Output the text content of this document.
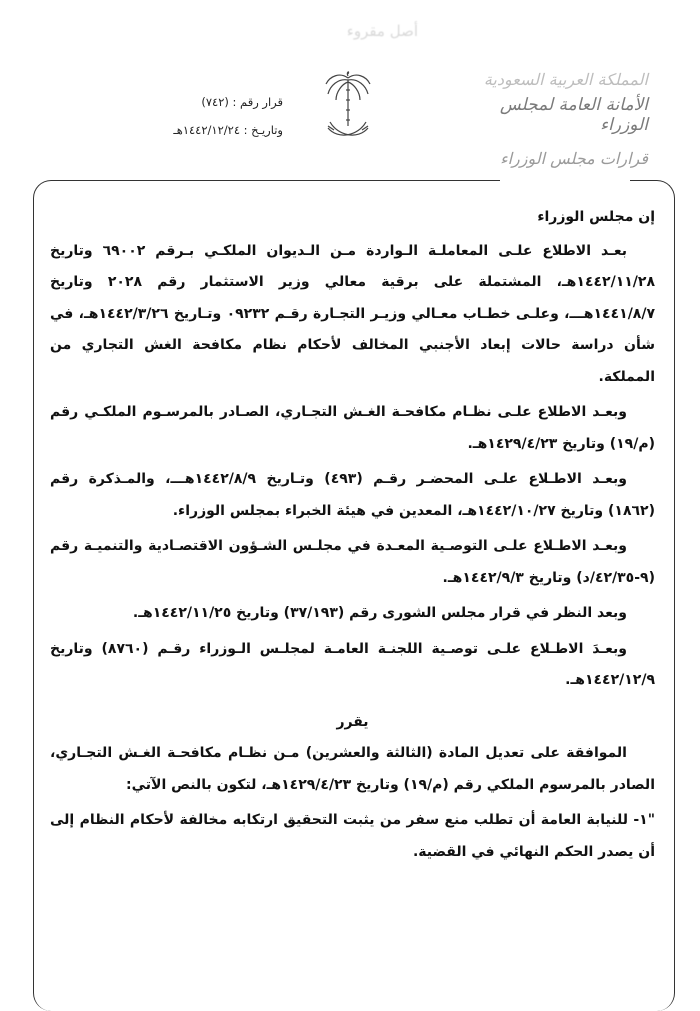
أصل مقروء
قرار رقم : (٧٤٢)
وتاريـخ : ١٤٤٢/١٢/٢٤هـ
المملكة العربية السعودية
الأمانة العامة لمجلس الوزراء
قرارات مجلس الوزراء

إن مجلس الوزراء

بعـد الاطلاع علـى المعاملـة الـواردة مـن الـديوان الملكـي بـرقم ٦٩٠٠٢ وتاريخ ١٤٤٢/١١/٢٨هـ، المشتملة على برقية معالي وزير الاستثمار رقم ٢٠٢٨ وتاريخ ١٤٤١/٨/٧هـــ، وعلـى خطـاب معـالي وزيـر التجـارة رقـم ٠٩٢٣٢ وتـاريخ ١٤٤٢/٣/٢٦هـ، في شأن دراسة حالات إبعاد الأجنبي المخالف لأحكام نظام مكافحة الغش التجاري من المملكة.

وبعـد الاطلاع علـى نظـام مكافحـة الغـش التجـاري، الصـادر بالمرسـوم الملكـي رقم (م/١٩) وتاريخ ١٤٢٩/٤/٢٣هـ.

وبعـد الاطـلاع علـى المحضـر رقـم (٤٩٣) وتـاريخ ١٤٤٢/٨/٩هـــ، والمـذكرة رقم (١٨٦٢) وتاريخ ١٤٤٢/١٠/٢٧هـ، المعدين في هيئة الخبراء بمجلس الوزراء.

وبعـد الاطـلاع علـى التوصـية المعـدة في مجلـس الشـؤون الاقتصـادية والتنميـة رقم (٩-٤٢/٣٥/د) وتاريخ ١٤٤٢/٩/٣هـ.

وبعد النظر في قرار مجلس الشورى رقم (٣٧/١٩٣) وتاريخ ١٤٤٢/١١/٢٥هـ.

وبعـدَ الاطـلاع علـى توصـية اللجنـة العامـة لمجلـس الـوزراء رقـم (٨٧٦٠) وتاريخ ١٤٤٢/١٢/٩هـ.

يقرر

الموافقة على تعديل المادة (الثالثة والعشرين) مـن نظـام مكافحـة الغـش التجـاري، الصادر بالمرسوم الملكي رقم (م/١٩) وتاريخ ١٤٢٩/٤/٢٣هـ، لتكون بالنص الآتي:

"١- للنيابة العامة أن تطلب منع سفر من يثبت التحقيق ارتكابه مخالفة لأحكام النظام إلى أن يصدر الحكم النهائي في القضية.
